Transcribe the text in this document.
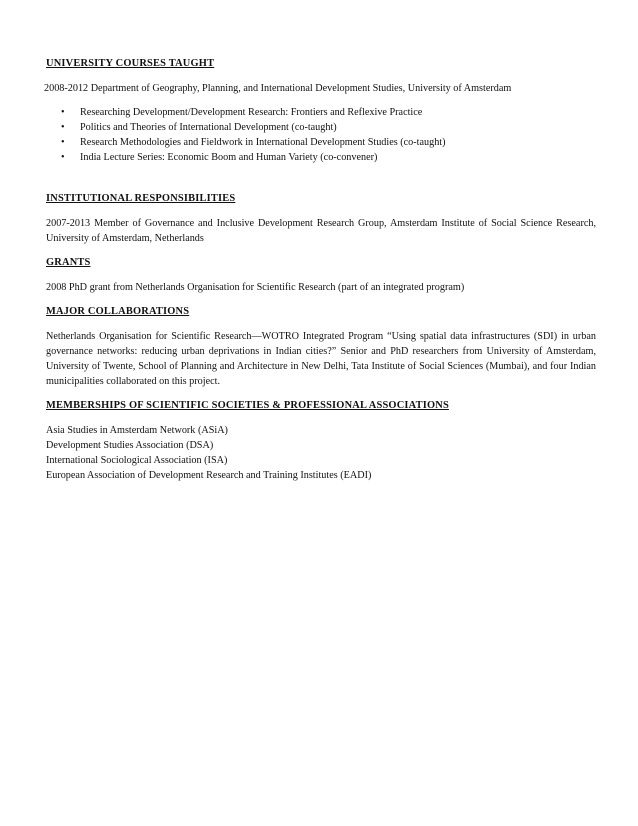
UNIVERSITY COURSES TAUGHT

2008-2012 Department of Geography, Planning, and International Development Studies, University of Amsterdam

• Researching Development/Development Research: Frontiers and Reflexive Practice
• Politics and Theories of International Development (co-taught)
• Research Methodologies and Fieldwork in International Development Studies (co-taught)
• India Lecture Series: Economic Boom and Human Variety (co-convener)
INSTITUTIONAL RESPONSIBILITIES

2007-2013 Member of Governance and Inclusive Development Research Group, Amsterdam Institute of Social Science Research, University of Amsterdam, Netherlands

GRANTS

2008 PhD grant from Netherlands Organisation for Scientific Research (part of an integrated program)

MAJOR COLLABORATIONS

Netherlands Organisation for Scientific Research—WOTRO Integrated Program “Using spatial data infrastructures (SDI) in urban governance networks: reducing urban deprivations in Indian cities?” Senior and PhD researchers from University of Amsterdam, University of Twente, School of Planning and Architecture in New Delhi, Tata Institute of Social Sciences (Mumbai), and four Indian municipalities collaborated on this project.

MEMBERSHIPS OF SCIENTIFIC SOCIETIES & PROFESSIONAL ASSOCIATIONS

Asia Studies in Amsterdam Network (ASiA)

Development Studies Association (DSA)

International Sociological Association (ISA)

European Association of Development Research and Training Institutes (EADI)
